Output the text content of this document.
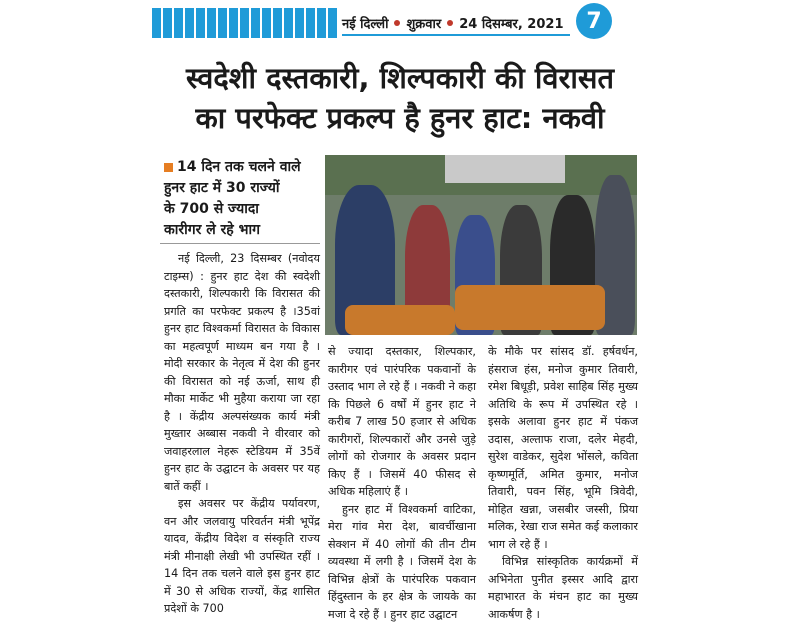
नई दिल्ली शुक्रवार 24 दिसम्बर, 2021	7
स्वदेशी दस्तकारी, शिल्पकारी की विरासत
का परफेक्ट प्रकल्प है हुनर हाट: नकवी
14 दिन तक चलने वाले
हुनर हाट में 30 राज्यों
के 700 से ज्यादा
कारीगर ले रहे भाग

नई दिल्ली, 23 दिसम्बर (नवोदय टाइम्स) : हुनर हाट देश की स्वदेशी दस्तकारी, शिल्पकारी कि विरासत की प्रगति का परफेक्ट प्रकल्प है ।35वां हुनर हाट विश्वकर्मा विरासत के विकास का महत्वपूर्ण माध्यम बन गया है । मोदी सरकार के नेतृत्व में देश की हुनर की विरासत को नई ऊर्जा, साथ ही मौका मार्केट भी मुहैया कराया जा रहा है । केंद्रीय अल्पसंख्यक कार्य मंत्री मुख्तार अब्बास नकवी ने वीरवार को जवाहरलाल नेहरू स्टेडियम में 35वें हुनर हाट के उद्घाटन के अवसर पर यह बातें कहीं ।

इस अवसर पर केंद्रीय पर्यावरण, वन और जलवायु परिवर्तन मंत्री भूपेंद्र यादव, केंद्रीय विदेश व संस्कृति राज्य मंत्री मीनाक्षी लेखी भी उपस्थित रहीं । 14 दिन तक चलने वाले इस हुनर हाट में 30 से अधिक राज्यों, केंद्र शासित प्रदेशों के 700

से ज्यादा दस्तकार, शिल्पकार, कारीगर एवं पारंपरिक पकवानों के उस्ताद भाग ले रहे हैं । नकवी ने कहा कि पिछले 6 वर्षों में हुनर हाट ने करीब 7 लाख 50 हजार से अधिक कारीगरों, शिल्पकारों और उनसे जुड़े लोगों को रोजगार के अवसर प्रदान किए हैं । जिसमें 40 फीसद से अधिक महिलाएं हैं ।

हुनर हाट में विश्वकर्मा वाटिका, मेरा गांव मेरा देश, बावर्चीखाना सेक्शन में 40 लोगों की तीन टीम व्यवस्था में लगी है । जिसमें देश के विभिन्न क्षेत्रों के पारंपरिक पकवान हिंदुस्तान के हर क्षेत्र के जायके का मजा दे रहे हैं । हुनर हाट उद्घाटन

के मौके पर सांसद डॉ. हर्षवर्धन, हंसराज हंस, मनोज कुमार तिवारी, रमेश बिधूड़ी, प्रवेश साहिब सिंह मुख्य अतिथि के रूप में उपस्थित रहे । इसके अलावा हुनर हाट में पंकज उदास, अल्ताफ राजा, दलेर मेहदी, सुरेश वाडेकर, सुदेश भोंसले, कविता कृष्णमूर्ति, अमित कुमार, मनोज तिवारी, पवन सिंह, भूमि त्रिवेदी, मोहित खन्ना, जसबीर जस्सी, प्रिया मलिक, रेखा राज समेत कई कलाकार भाग ले रहे हैं ।

विभिन्न सांस्कृतिक कार्यक्रमों में अभिनेता पुनीत इस्सर आदि द्वारा महाभारत के मंचन हाट का मुख्य आकर्षण है ।
